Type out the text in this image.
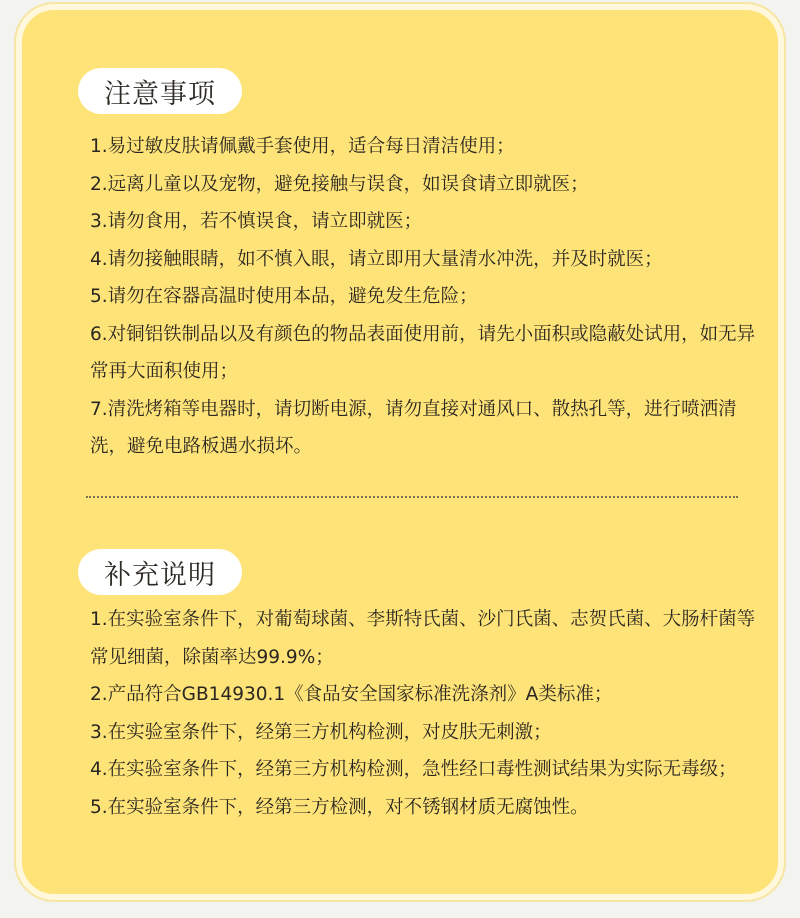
注意事项
1.易过敏皮肤请佩戴手套使用，适合每日清洁使用；
2.远离儿童以及宠物，避免接触与误食，如误食请立即就医；
3.请勿食用，若不慎误食，请立即就医；
4.请勿接触眼睛，如不慎入眼，请立即用大量清水冲洗，并及时就医；
5.请勿在容器高温时使用本品，避免发生危险；
6.对铜铝铁制品以及有颜色的物品表面使用前，请先小面积或隐蔽处试用，如无异常再大面积使用；
7.清洗烤箱等电器时，请切断电源，请勿直接对通风口、散热孔等，进行喷洒清洗，避免电路板遇水损坏。
补充说明
1.在实验室条件下，对葡萄球菌、李斯特氏菌、沙门氏菌、志贺氏菌、大肠杆菌等常见细菌，除菌率达99.9%；
2.产品符合GB14930.1《食品安全国家标准洗涤剂》A类标准；
3.在实验室条件下，经第三方机构检测，对皮肤无刺激；
4.在实验室条件下，经第三方机构检测，急性经口毒性测试结果为实际无毒级；
5.在实验室条件下，经第三方检测，对不锈钢材质无腐蚀性。
